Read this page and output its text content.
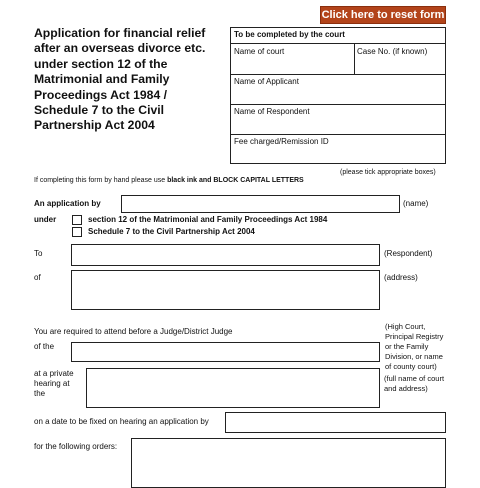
Click here to reset form
Application for financial relief after an overseas divorce etc. under section 12 of the Matrimonial and Family Proceedings Act 1984 / Schedule 7 to the Civil Partnership Act 2004
To be completed by the court
Name of court	Case No. (if known)
Name of Applicant
Name of Respondent
Fee charged/Remission ID
(please tick appropriate boxes)
If completing this form by hand please use black ink and BLOCK CAPITAL LETTERS
An application by	(name)
under	section 12 of the Matrimonial and Family Proceedings Act 1984
Schedule 7 to the Civil Partnership Act 2004
To	(Respondent)
of	(address)
You are required to attend before a Judge/District Judge
of the
(High Court, Principal Registry or the Family Division, or name of county court)
at a private hearing at the
(full name of court and address)
on a date to be fixed on hearing an application by
for the following orders:
